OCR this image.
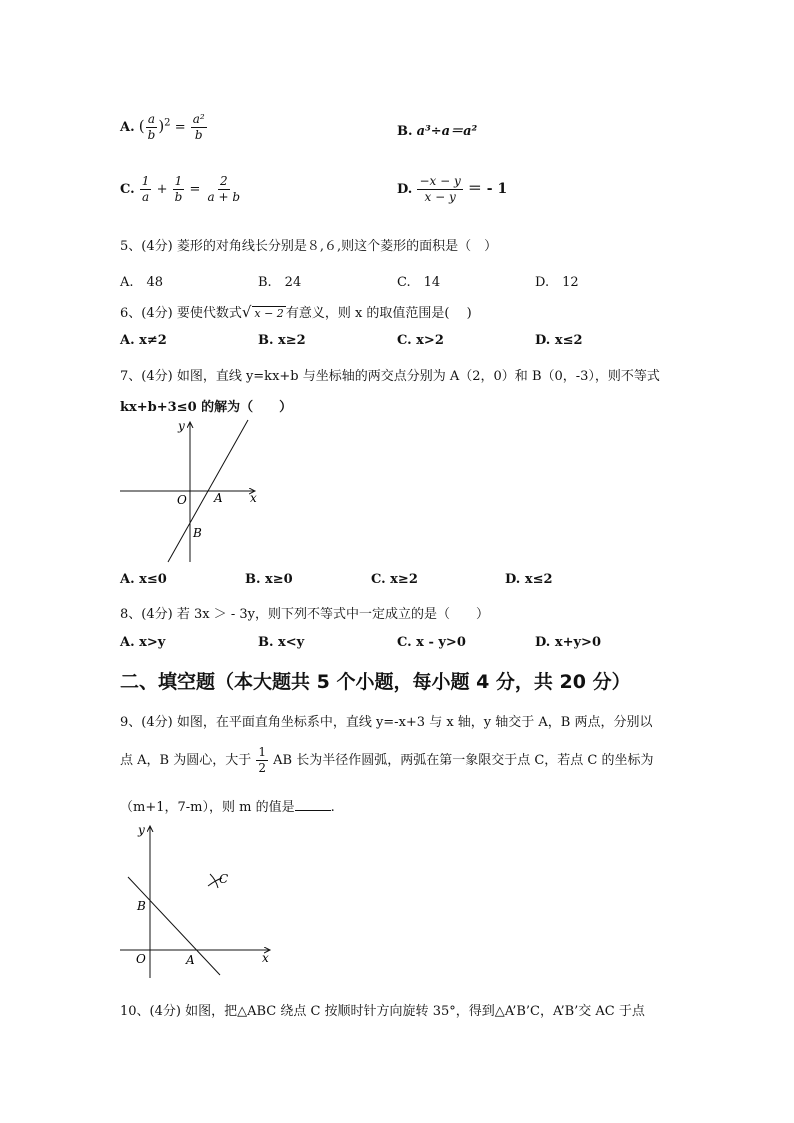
A. ( $\frac{a}{b} )^2 = \frac{\text{a²}}{b}$	B. a³÷a＝a²
C. $\frac{1}{a} + \frac{1}{b} = \frac{2}{a + b}$	D. $\frac{-x - y}{x - y}$ ＝ - 1
5、(4分) 菱形的对角线长分别是８,６,则这个菱形的面积是（　）
A.　48	B.　24	C.　14	D.　12
6、(4分) 要使代数式√ x − 2 有意义，则 x 的取值范围是(　 )
A. x≠2	B. x≥2	C. x>2	D. x≤2
7、(4分) 如图，直线 y=kx+b 与坐标轴的两交点分别为 A（2，0）和 B（0，-3），则不等式
kx+b+3≤0 的解为（　　）
y
x
O A
B
A. x≤0	B. x≥0	C. x≥2	D. x≤2
8、(4分) 若 3x ＞ - 3y，则下列不等式中一定成立的是（　　）
A. x>y	B. x<y	C. x - y>0	D. x+y>0
二、填空题（本大题共 5 个小题，每小题 4 分，共 20 分）
9、(4分) 如图，在平面直角坐标系中，直线 y=-x+3 与 x 轴，y 轴交于 A，B 两点，分别以
点 A，B 为圆心，大于 $\frac{1}{2}$ AB 长为半径作圆弧，两弧在第一象限交于点 C，若点 C 的坐标为
（m+1，7-m），则 m 的值是	.
y
x
O	A
B
C
10、(4分) 如图，把△ABC 绕点 C 按顺时针方向旋转 35°，得到△A’B’C，A’B’交 AC 于点
